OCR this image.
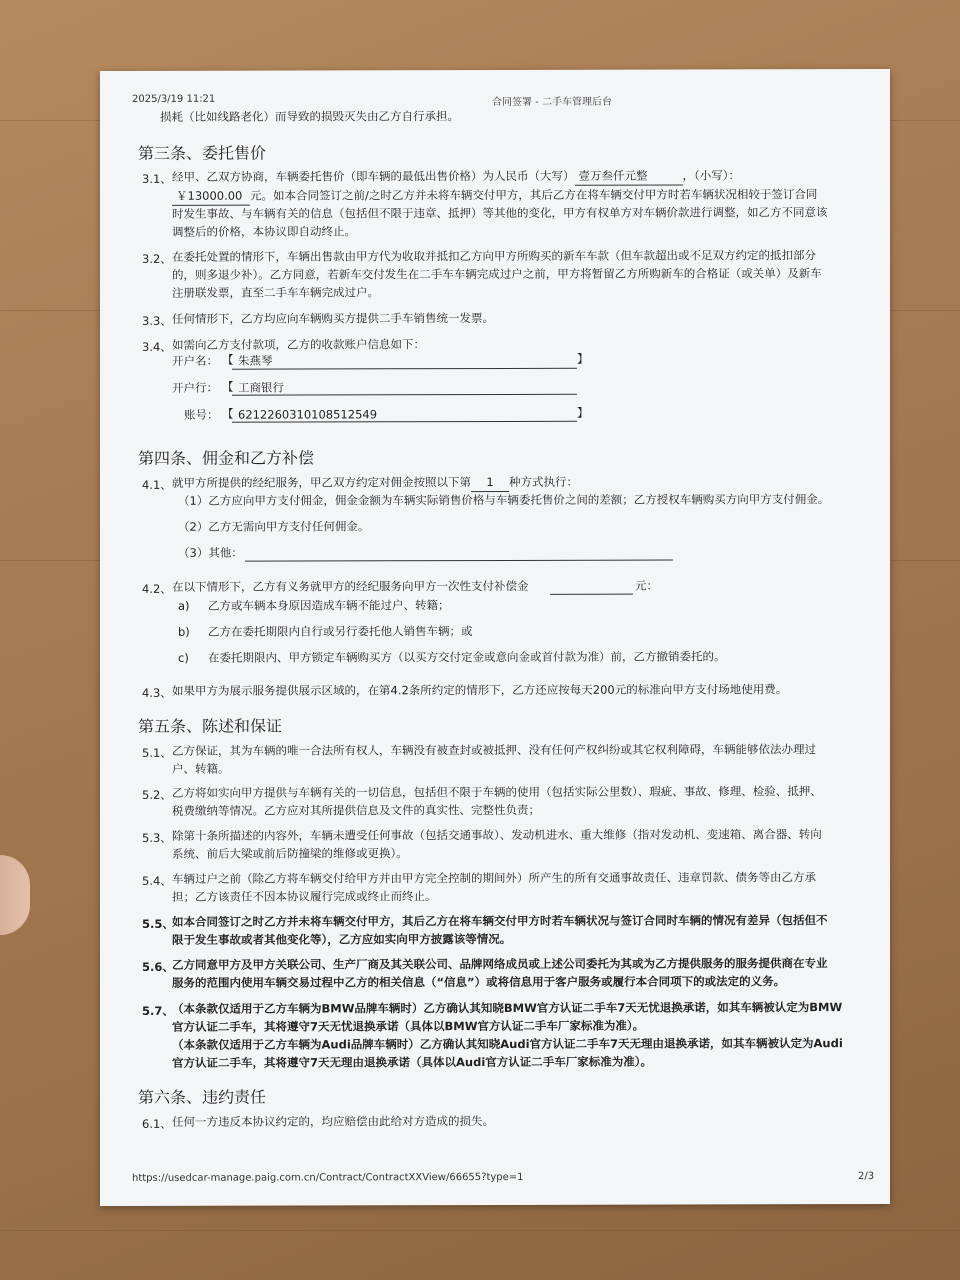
2025/3/19 11:21	合同签署 - 二手车管理后台
损耗（比如线路老化）而导致的损毁灭失由乙方自行承担。
第三条、委托售价
3.1、 经甲、乙双方协商，车辆委托售价（即车辆的最低出售价格）为人民币（大写） 壹万叁仟元整	，（小写）：
￥13000.00 元。如本合同签订之前/之时乙方并未将车辆交付甲方，其后乙方在将车辆交付甲方时若车辆状况相较于签订合同
时发生事故、与车辆有关的信息（包括但不限于违章、抵押）等其他的变化，甲方有权单方对车辆价款进行调整，如乙方不同意该
调整后的价格，本协议即自动终止。
3.2、 在委托处置的情形下，车辆出售款由甲方代为收取并抵扣乙方向甲方所购买的新车车款（但车款超出或不足双方约定的抵扣部分
的，则多退少补）。乙方同意，若新车交付发生在二手车车辆完成过户之前，甲方将暂留乙方所购新车的合格证（或关单）及新车
注册联发票，直至二手车车辆完成过户。
3.3、 任何情形下，乙方均应向车辆购买方提供二手车销售统一发票。
3.4、 如需向乙方支付款项，乙方的收款账户信息如下：
开户名： 【 朱燕琴	】
开户行： 【 工商银行
账号： 【 6212260310108512549	】
第四条、佣金和乙方补偿
4.1、 就甲方所提供的经纪服务，甲乙双方约定对佣金按照以下第 1 种方式执行：
（1）乙方应向甲方支付佣金，佣金金额为车辆实际销售价格与车辆委托售价之间的差额；乙方授权车辆购买方向甲方支付佣金。
（2）乙方无需向甲方支付任何佣金。
（3）其他：
4.2、 在以下情形下，乙方有义务就甲方的经纪服务向甲方一次性支付补偿金	元：
a) 乙方或车辆本身原因造成车辆不能过户、转籍；
b) 乙方在委托期限内自行或另行委托他人销售车辆；或
c) 在委托期限内、甲方锁定车辆购买方（以买方交付定金或意向金或首付款为准）前，乙方撤销委托的。
4.3、 如果甲方为展示服务提供展示区域的，在第4.2条所约定的情形下，乙方还应按每天200元的标准向甲方支付场地使用费。
第五条、陈述和保证
5.1、 乙方保证，其为车辆的唯一合法所有权人，车辆没有被查封或被抵押、没有任何产权纠纷或其它权利障碍，车辆能够依法办理过
户、转籍。
5.2、 乙方将如实向甲方提供与车辆有关的一切信息，包括但不限于车辆的使用（包括实际公里数）、瑕疵、事故、修理、检验、抵押、
税费缴纳等情况。乙方应对其所提供信息及文件的真实性、完整性负责；
5.3、 除第十条所描述的内容外，车辆未遭受任何事故（包括交通事故）、发动机进水、重大维修（指对发动机、变速箱、离合器、转向
系统、前后大梁或前后防撞梁的维修或更换）。
5.4、 车辆过户之前（除乙方将车辆交付给甲方并由甲方完全控制的期间外）所产生的所有交通事故责任、违章罚款、债务等由乙方承
担；乙方该责任不因本协议履行完成或终止而终止。
5.5、
如本合同签订之时乙方并未将车辆交付甲方，其后乙方在将车辆交付甲方时若车辆状况与签订合同时车辆的情况有差异（包括但不
限于发生事故或者其他变化等），乙方应如实向甲方披露该等情况。
5.6、
乙方同意甲方及甲方关联公司、生产厂商及其关联公司、品牌网络成员或上述公司委托为其或为乙方提供服务的服务提供商在专业
服务的范围内使用车辆交易过程中乙方的相关信息（“信息”）或将信息用于客户服务或履行本合同项下的或法定的义务。
5.7、
（本条款仅适用于乙方车辆为BMW品牌车辆时）乙方确认其知晓BMW官方认证二手车7天无忧退换承诺，如其车辆被认定为BMW
官方认证二手车，其将遵守7天无忧退换承诺（具体以BMW官方认证二手车厂家标准为准）。
（本条款仅适用于乙方车辆为Audi品牌车辆时）乙方确认其知晓Audi官方认证二手车7天无理由退换承诺，如其车辆被认定为Audi
官方认证二手车，其将遵守7天无理由退换承诺（具体以Audi官方认证二手车厂家标准为准）。
第六条、违约责任
6.1、 任何一方违反本协议约定的，均应赔偿由此给对方造成的损失。
https://usedcar-manage.paig.com.cn/Contract/ContractXXView/66655?type=1	2/3
